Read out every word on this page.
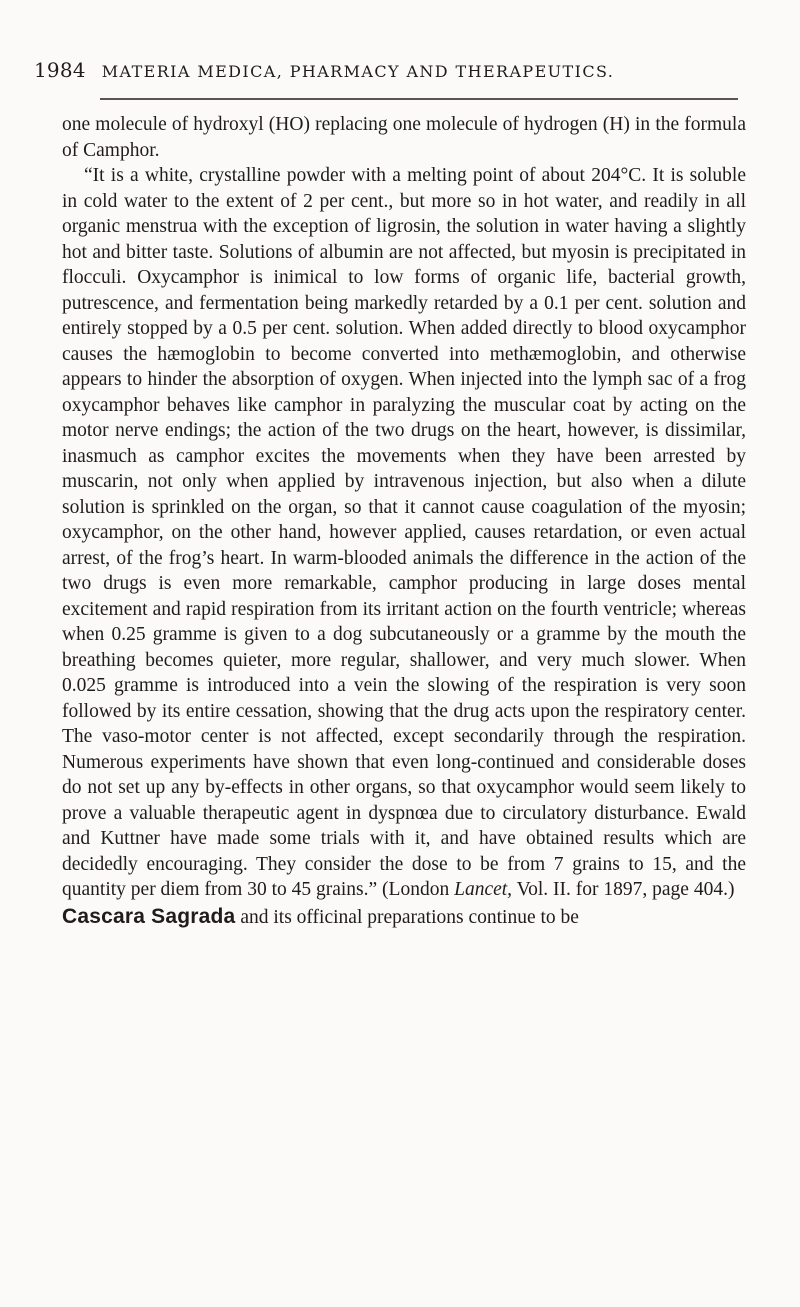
1984 MATERIA MEDICA, PHARMACY AND THERAPEUTICS.

one molecule of hydroxyl (HO) replacing one molecule of hydrogen (H) in the formula of Camphor.

“It is a white, crystalline powder with a melting point of about 204°C. It is soluble in cold water to the extent of 2 per cent., but more so in hot water, and readily in all organic menstrua with the exception of ligrosin, the solution in water having a slightly hot and bitter taste. Solutions of albumin are not affected, but myosin is precipitated in flocculi. Oxycamphor is inimical to low forms of organic life, bacterial growth, putrescence, and fermentation being markedly retarded by a 0.1 per cent. solution and entirely stopped by a 0.5 per cent. solution. When added directly to blood oxycamphor causes the hæmoglobin to become converted into methæmoglobin, and otherwise appears to hinder the absorption of oxygen. When injected into the lymph sac of a frog oxycamphor behaves like camphor in paralyzing the muscular coat by acting on the motor nerve endings; the action of the two drugs on the heart, however, is dissimilar, inasmuch as camphor excites the movements when they have been arrested by muscarin, not only when applied by intravenous injection, but also when a dilute solution is sprinkled on the organ, so that it cannot cause coagulation of the myosin; oxycamphor, on the other hand, however applied, causes retardation, or even actual arrest, of the frog’s heart. In warm-blooded animals the difference in the action of the two drugs is even more remarkable, camphor producing in large doses mental excitement and rapid respiration from its irritant action on the fourth ventricle; whereas when 0.25 gramme is given to a dog subcutaneously or a gramme by the mouth the breathing becomes quieter, more regular, shallower, and very much slower. When 0.025 gramme is introduced into a vein the slowing of the respiration is very soon followed by its entire cessation, showing that the drug acts upon the respiratory center. The vaso-motor center is not affected, except secondarily through the respiration. Numerous experiments have shown that even long-continued and considerable doses do not set up any by-effects in other organs, so that oxycamphor would seem likely to prove a valuable therapeutic agent in dyspnœa due to circulatory disturbance. Ewald and Kuttner have made some trials with it, and have obtained results which are decidedly encouraging. They consider the dose to be from 7 grains to 15, and the quantity per diem from 30 to 45 grains.” (London Lancet, Vol. II. for 1897, page 404.)

Cascara Sagrada and its officinal preparations continue to be
